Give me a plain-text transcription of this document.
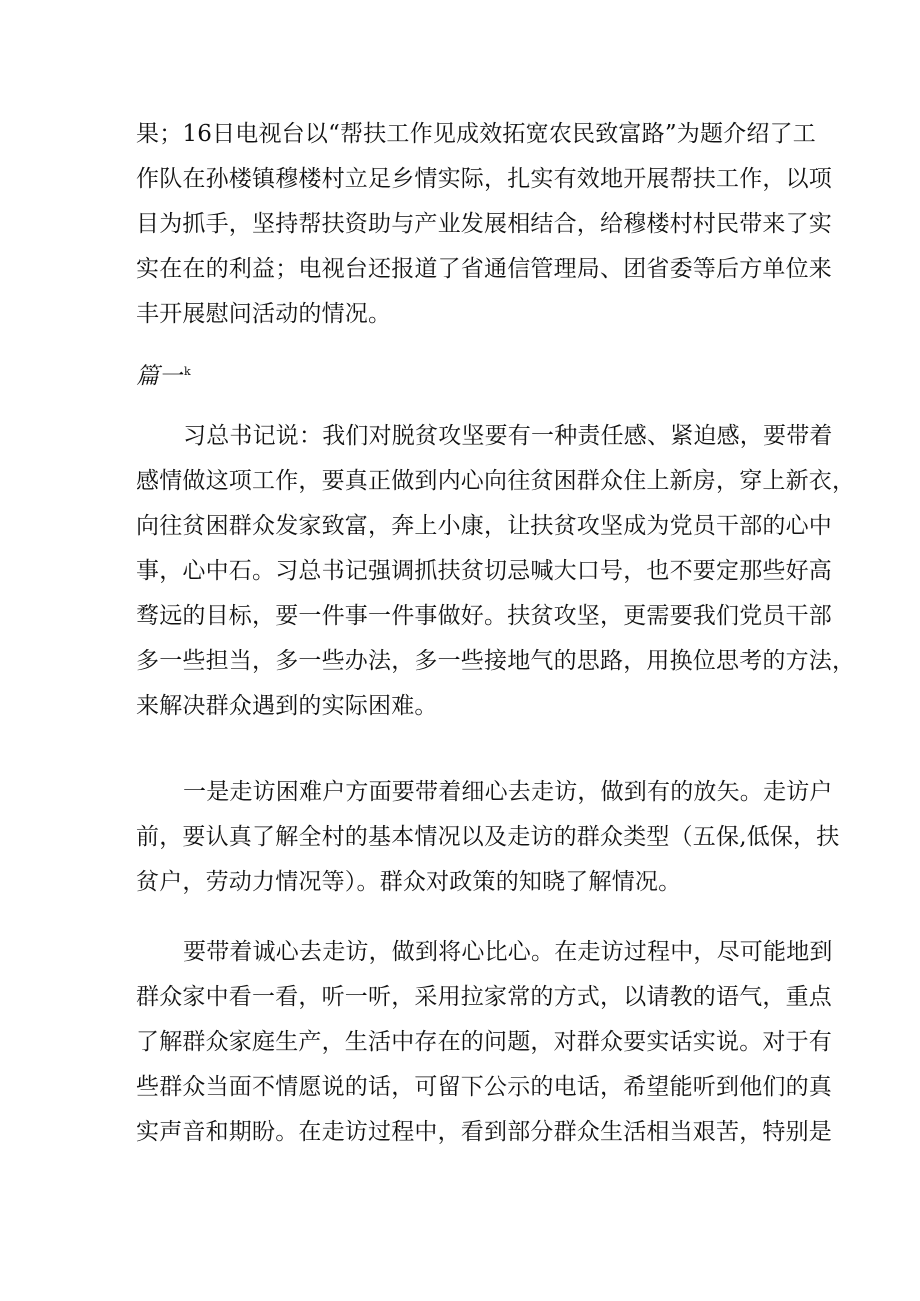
果；16日电视台以“帮扶工作见成效拓宽农民致富路”为题介绍了工
作队在孙楼镇穆楼村立足乡情实际，扎实有效地开展帮扶工作，以项
目为抓手，坚持帮扶资助与产业发展相结合，给穆楼村村民带来了实
实在在的利益；电视台还报道了省通信管理局、团省委等后方单位来
丰开展慰问活动的情况。
篇一 $^k$
习总书记说：我们对脱贫攻坚要有一种责任感、紧迫感，要带着
感情做这项工作，要真正做到内心向往贫困群众住上新房，穿上新衣，
向往贫困群众发家致富，奔上小康，让扶贫攻坚成为党员干部的心中
事，心中石。习总书记强调抓扶贫切忌喊大口号，也不要定那些好高
骛远的目标，要一件事一件事做好。扶贫攻坚，更需要我们党员干部
多一些担当，多一些办法，多一些接地气的思路，用换位思考的方法，
来解决群众遇到的实际困难。
一是走访困难户方面要带着细心去走访，做到有的放矢。走访户
前，要认真了解全村的基本情况以及走访的群众类型（五保,低保，扶
贫户，劳动力情况等）。群众对政策的知晓了解情况。
要带着诚心去走访，做到将心比心。在走访过程中，尽可能地到
群众家中看一看，听一听，采用拉家常的方式，以请教的语气，重点
了解群众家庭生产，生活中存在的问题，对群众要实话实说。对于有
些群众当面不情愿说的话，可留下公示的电话，希望能听到他们的真
实声音和期盼。在走访过程中，看到部分群众生活相当艰苦，特别是
